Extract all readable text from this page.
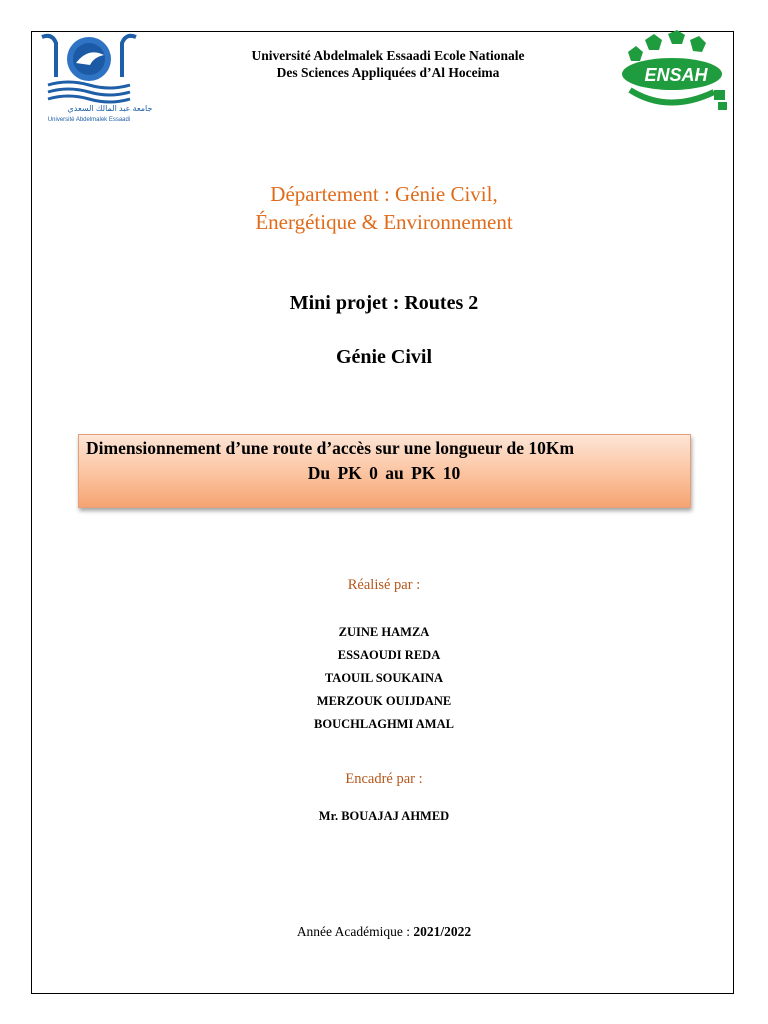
جامعة عبد المالك السعدي
Université Abdelmalek Essaadi
Université Abdelmalek Essaadi Ecole Nationale
Des Sciences Appliquées d’Al Hoceima	ENSAH
Département : Génie Civil,
Énergétique & Environnement
Mini projet : Routes 2
Génie Civil
Dimensionnement d’une route d’accès sur une longueur de 10Km
Du PK 0 au PK 10
Réalisé par :
ZUINE HAMZA
ESSAOUDI REDA
TAOUIL SOUKAINA
MERZOUK OUIJDANE
BOUCHLAGHMI AMAL
Encadré par :
Mr. BOUAJAJ AHMED
Année Académique : 2021/2022
